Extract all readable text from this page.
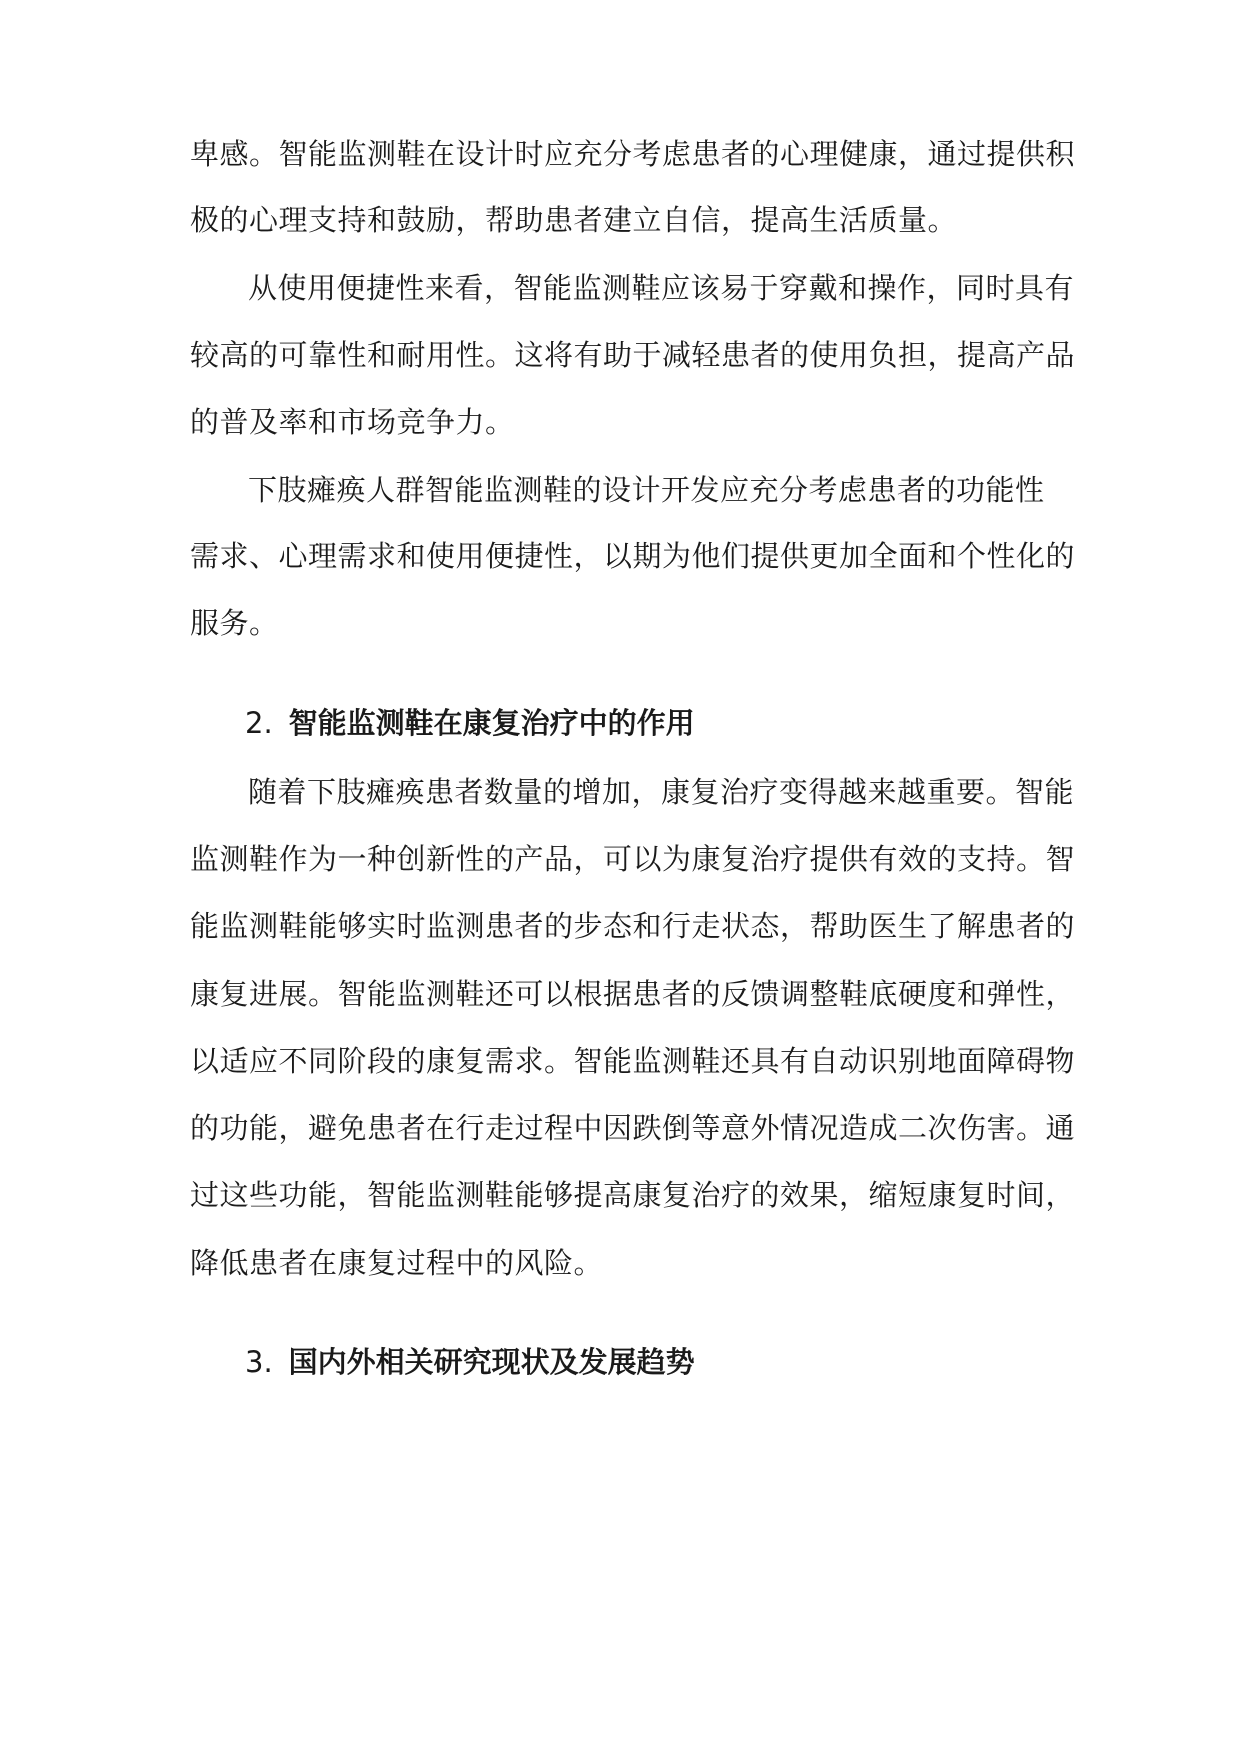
卑感。智能监测鞋在设计时应充分考虑患者的心理健康，通过提供积
极的心理支持和鼓励，帮助患者建立自信，提高生活质量。
从使用便捷性来看，智能监测鞋应该易于穿戴和操作，同时具有
较高的可靠性和耐用性。这将有助于减轻患者的使用负担，提高产品
的普及率和市场竞争力。
下肢瘫痪人群智能监测鞋的设计开发应充分考虑患者的功能性
需求、心理需求和使用便捷性，以期为他们提供更加全面和个性化的
服务。
2. 智能监测鞋在康复治疗中的作用
随着下肢瘫痪患者数量的增加，康复治疗变得越来越重要。智能
监测鞋作为一种创新性的产品，可以为康复治疗提供有效的支持。智
能监测鞋能够实时监测患者的步态和行走状态，帮助医生了解患者的
康复进展。智能监测鞋还可以根据患者的反馈调整鞋底硬度和弹性，
以适应不同阶段的康复需求。智能监测鞋还具有自动识别地面障碍物
的功能，避免患者在行走过程中因跌倒等意外情况造成二次伤害。通
过这些功能，智能监测鞋能够提高康复治疗的效果，缩短康复时间，
降低患者在康复过程中的风险。
3. 国内外相关研究现状及发展趋势
